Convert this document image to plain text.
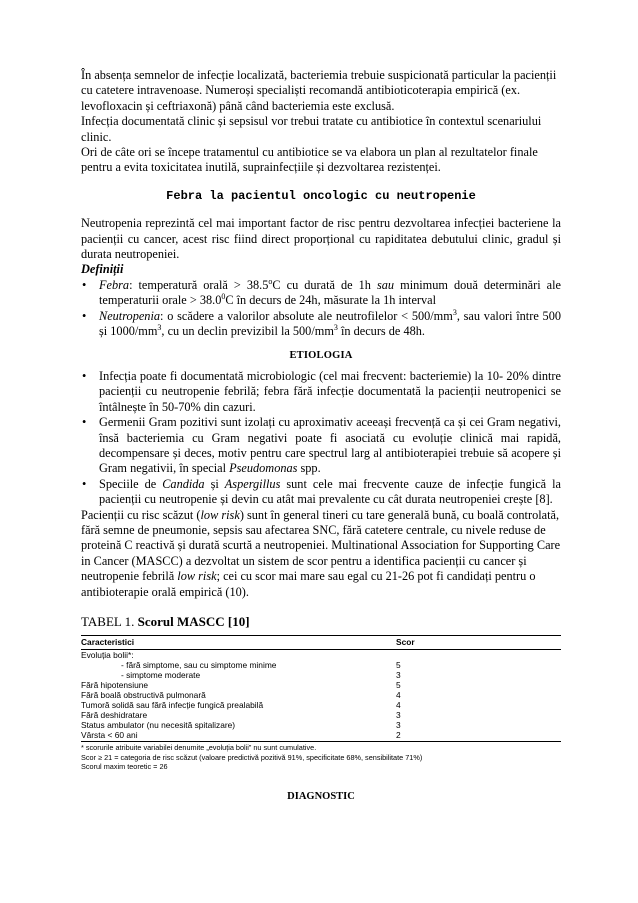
În absența semnelor de infecție localizată, bacteriemia trebuie suspicionată particular la pacienții cu catetere intravenoase. Numeroși specialiști recomandă antibioticoterapia empirică (ex. levofloxacin și ceftriaxonă) până când bacteriemia este exclusă.

Infecția documentată clinic și sepsisul vor trebui tratate cu antibiotice în contextul scenariului clinic.

Ori de câte ori se începe tratamentul cu antibiotice se va elabora un plan al rezultatelor finale pentru a evita toxicitatea inutilă, suprainfecțiile și dezvoltarea rezistenței.

Febra la pacientul oncologic cu neutropenie

Neutropenia reprezintă cel mai important factor de risc pentru dezvoltarea infecției bacteriene la pacienții cu cancer, acest risc fiind direct proporțional cu rapiditatea debutului clinic, gradul și durata neutropeniei.

Definiții

• Febra: temperatură orală > $38.5^oC$ cu durată de 1h sau minimum două determinări ale temperaturii orale > $38.0^0C$ în decurs de 24h, măsurate la 1h interval
• Neutropenia: o scădere a valorilor absolute ale neutrofilelor < $500/mm^3$, sau valori între 500 și $1000/mm^3$, cu un declin previzibil la $500/mm^3$ în decurs de 48h.
ETIOLOGIA
• Infecția poate fi documentată microbiologic (cel mai frecvent: bacteriemie) la 10- 20% dintre pacienții cu neutropenie febrilă; febra fără infecție documentată la pacienții neutropenici se întâlnește în 50-70% din cazuri.
• Germenii Gram pozitivi sunt izolați cu aproximativ aceeași frecvență ca și cei Gram negativi, însă bacteriemia cu Gram negativi poate fi asociată cu evoluție clinică mai rapidă, decompensare și deces, motiv pentru care spectrul larg al antibioterapiei trebuie să acopere și Gram negativii, în special Pseudomonas spp.
• Speciile de Candida și Aspergillus sunt cele mai frecvente cauze de infecție fungică la pacienții cu neutropenie și devin cu atât mai prevalente cu cât durata neutropeniei crește [8].

Pacienții cu risc scăzut (low risk) sunt în general tineri cu tare generală bună, cu boală controlată, fără semne de pneumonie, sepsis sau afectarea SNC, fără catetere centrale, cu nivele reduse de proteină C reactivă și durată scurtă a neutropeniei. Multinational Association for Supporting Care in Cancer (MASCC) a dezvoltat un sistem de scor pentru a identifica pacienții cu cancer și neutropenie febrilă low risk; cei cu scor mai mare sau egal cu 21-26 pot fi candidați pentru o antibioterapie orală empirică (10).

TABEL 1. Scorul MASCC [10]
Caracteristici	Scor
Evoluția bolii*:	
- fără simptome, sau cu simptome minime	5
- simptome moderate	3
Fără hipotensiune	5
Fără boală obstructivă pulmonară	4
Tumoră solidă sau fără infecție fungică prealabilă	4
Fără deshidratare	3
Status ambulator (nu necesită spitalizare)	3
Vârsta < 60 ani	2
* scorurile atribuite variabilei denumite „evoluția bolii” nu sunt cumulative.
Scor ≥ 21 = categoria de risc scăzut (valoare predictivă pozitivă 91%, specificitate 68%, sensibilitate 71%)
Scorul maxim teoretic = 26
DIAGNOSTIC
